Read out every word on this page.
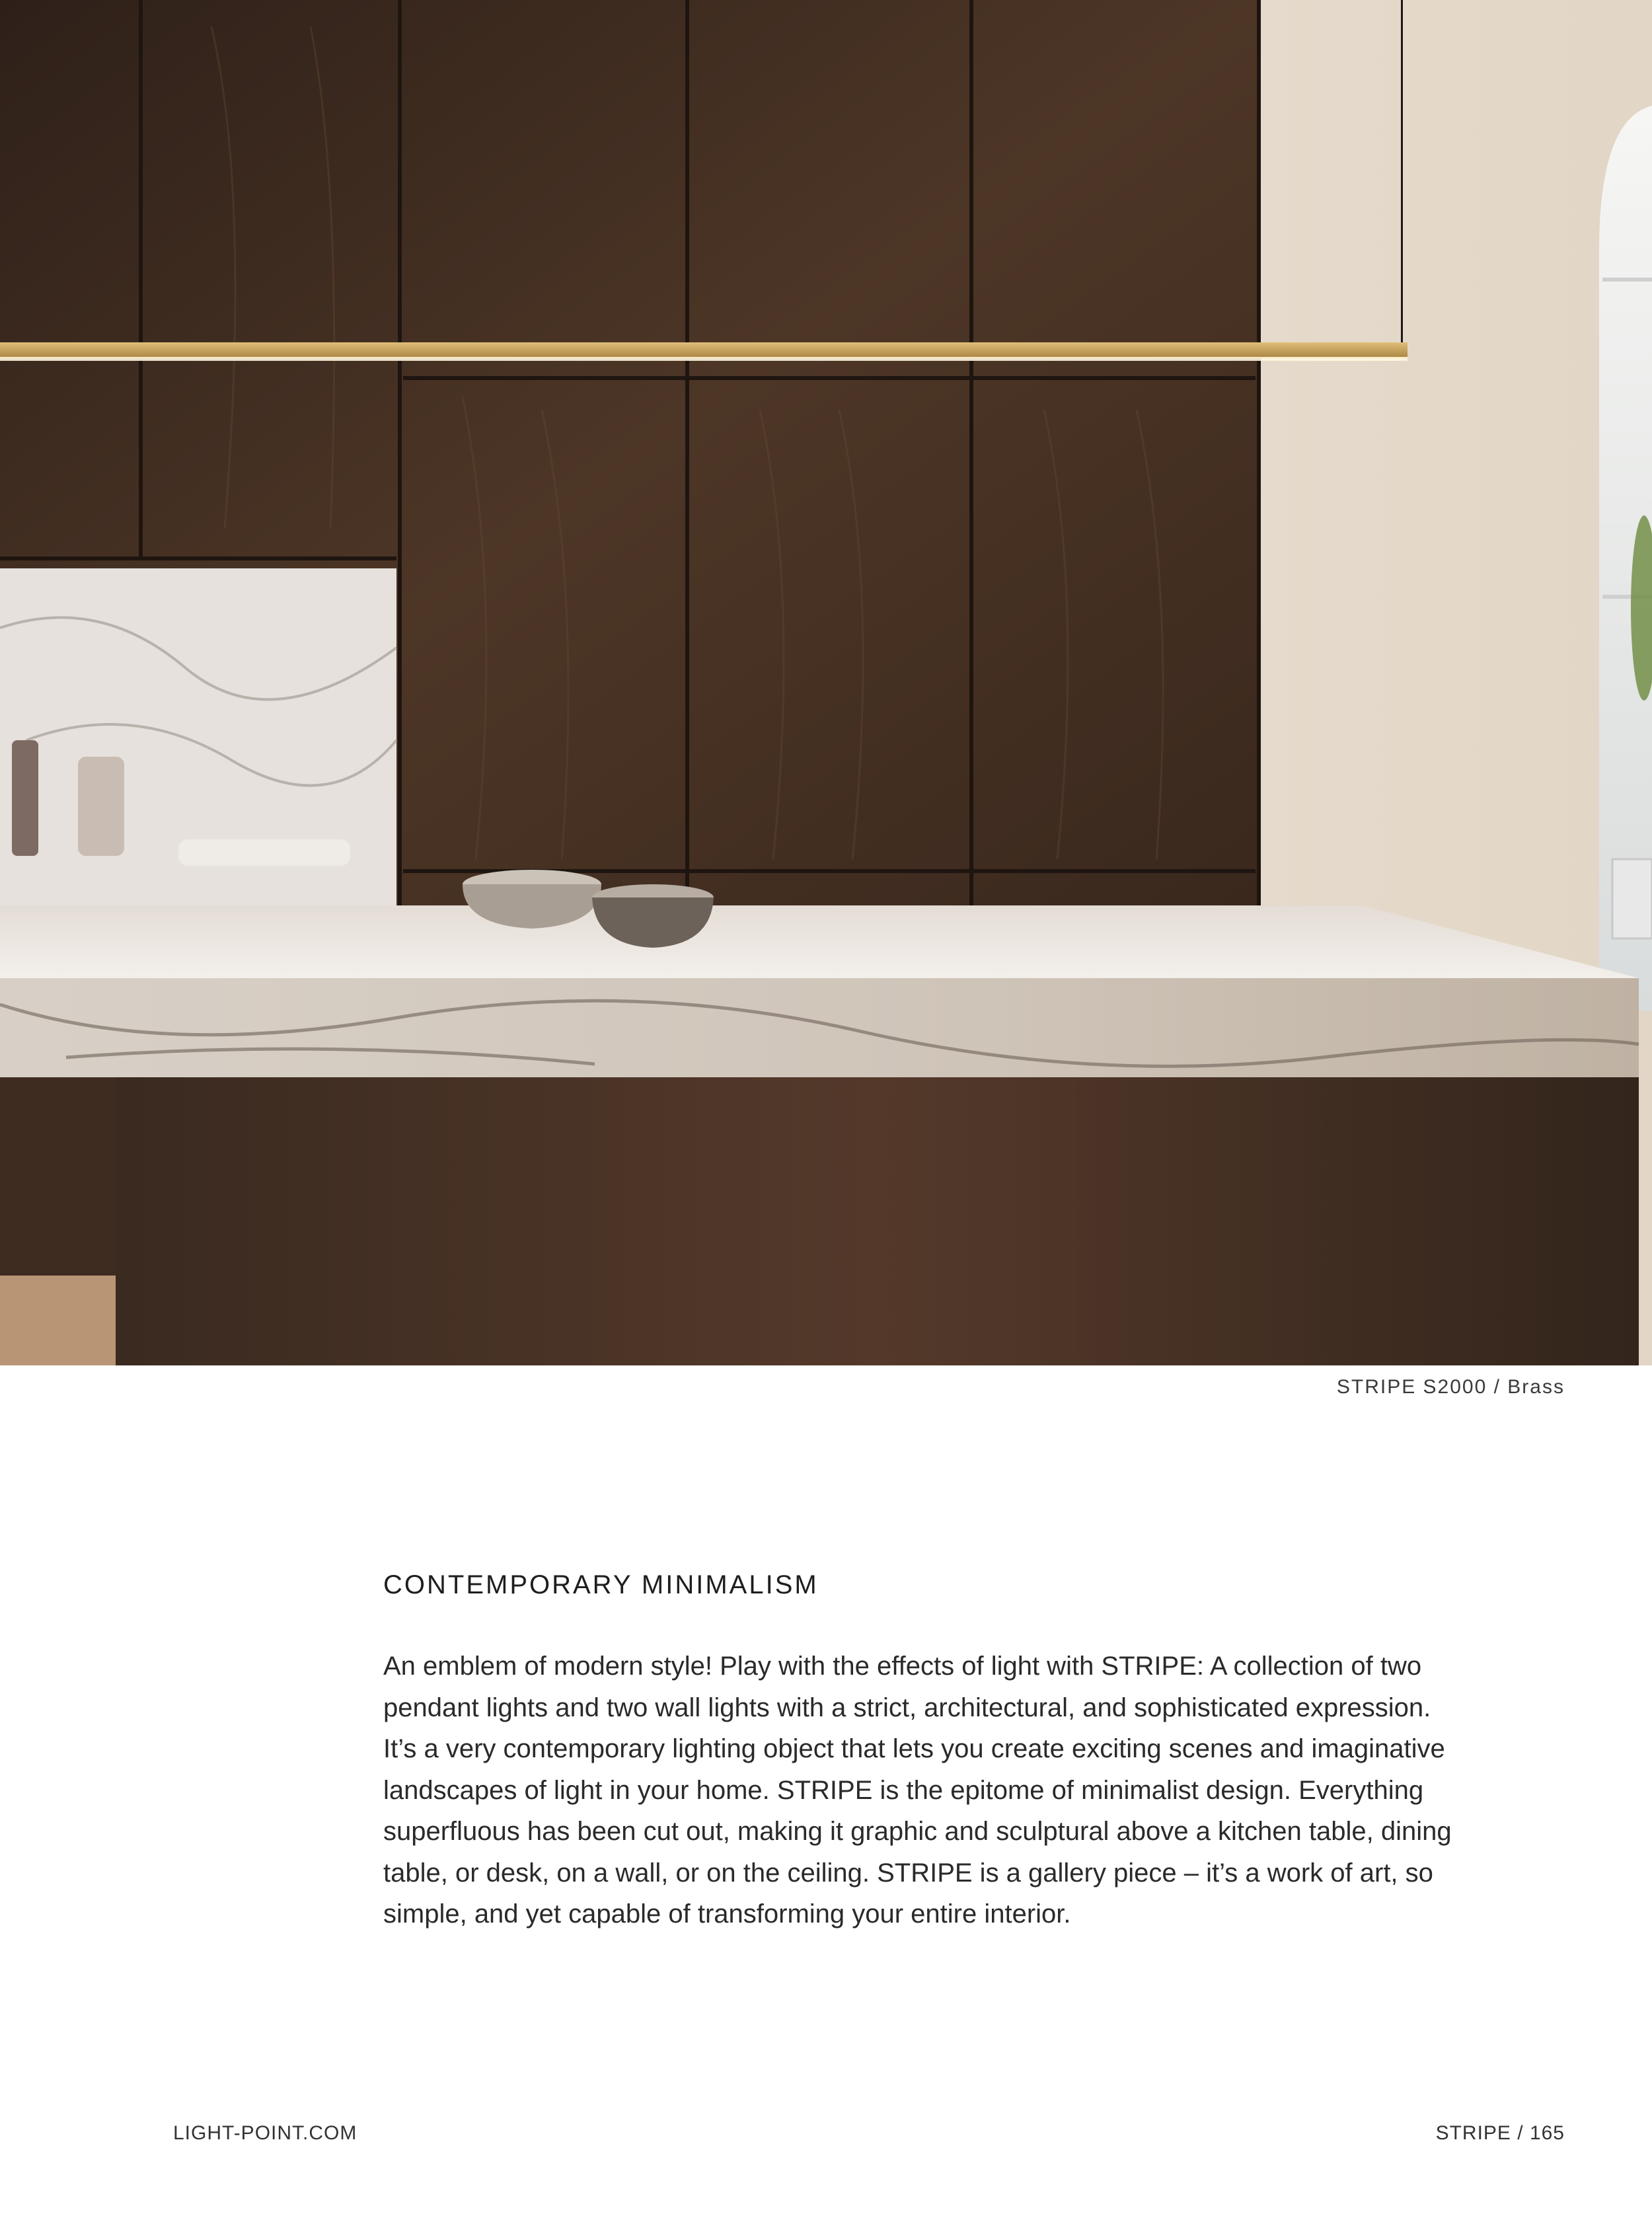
STRIPE S2000 / Brass
CONTEMPORARY MINIMALISM

An emblem of modern style! Play with the effects of light with STRIPE: A collection of two pendant lights and two wall lights with a strict, architectural, and sophisticated expression. It’s a very contemporary lighting object that lets you create exciting scenes and imaginative landscapes of light in your home. STRIPE is the epitome of minimalist design. Everything superfluous has been cut out, making it graphic and sculptural above a kitchen table, dining table, or desk, on a wall, or on the ceiling. STRIPE is a gallery piece – it’s a work of art, so simple, and yet capable of transforming your entire interior.

LIGHT-POINT.COM	STRIPE / 165
